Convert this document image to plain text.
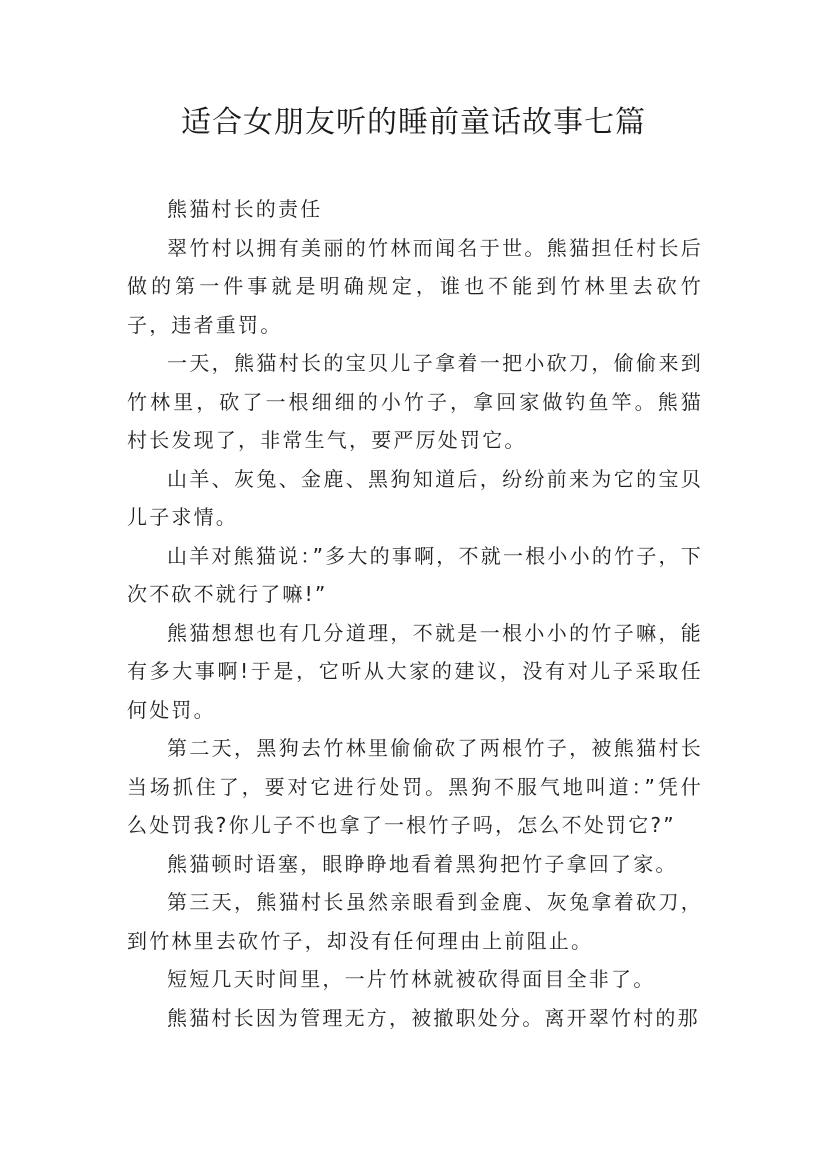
适合女朋友听的睡前童话故事七篇

熊猫村长的责任

翠竹村以拥有美丽的竹林而闻名于世。熊猫担任村长后做的第一件事就是明确规定，谁也不能到竹林里去砍竹子，违者重罚。

一天，熊猫村长的宝贝儿子拿着一把小砍刀，偷偷来到竹林里，砍了一根细细的小竹子，拿回家做钓鱼竿。熊猫村长发现了，非常生气，要严厉处罚它。

山羊、灰兔、金鹿、黑狗知道后，纷纷前来为它的宝贝儿子求情。

山羊对熊猫说：”多大的事啊，不就一根小小的竹子，下次不砍不就行了嘛!”

熊猫想想也有几分道理，不就是一根小小的竹子嘛，能有多大事啊!于是，它听从大家的建议，没有对儿子采取任何处罚。

第二天，黑狗去竹林里偷偷砍了两根竹子，被熊猫村长当场抓住了，要对它进行处罚。黑狗不服气地叫道：”凭什么处罚我?你儿子不也拿了一根竹子吗，怎么不处罚它?”

熊猫顿时语塞，眼睁睁地看着黑狗把竹子拿回了家。

第三天，熊猫村长虽然亲眼看到金鹿、灰兔拿着砍刀，到竹林里去砍竹子，却没有任何理由上前阻止。

短短几天时间里，一片竹林就被砍得面目全非了。

熊猫村长因为管理无方，被撤职处分。离开翠竹村的那
